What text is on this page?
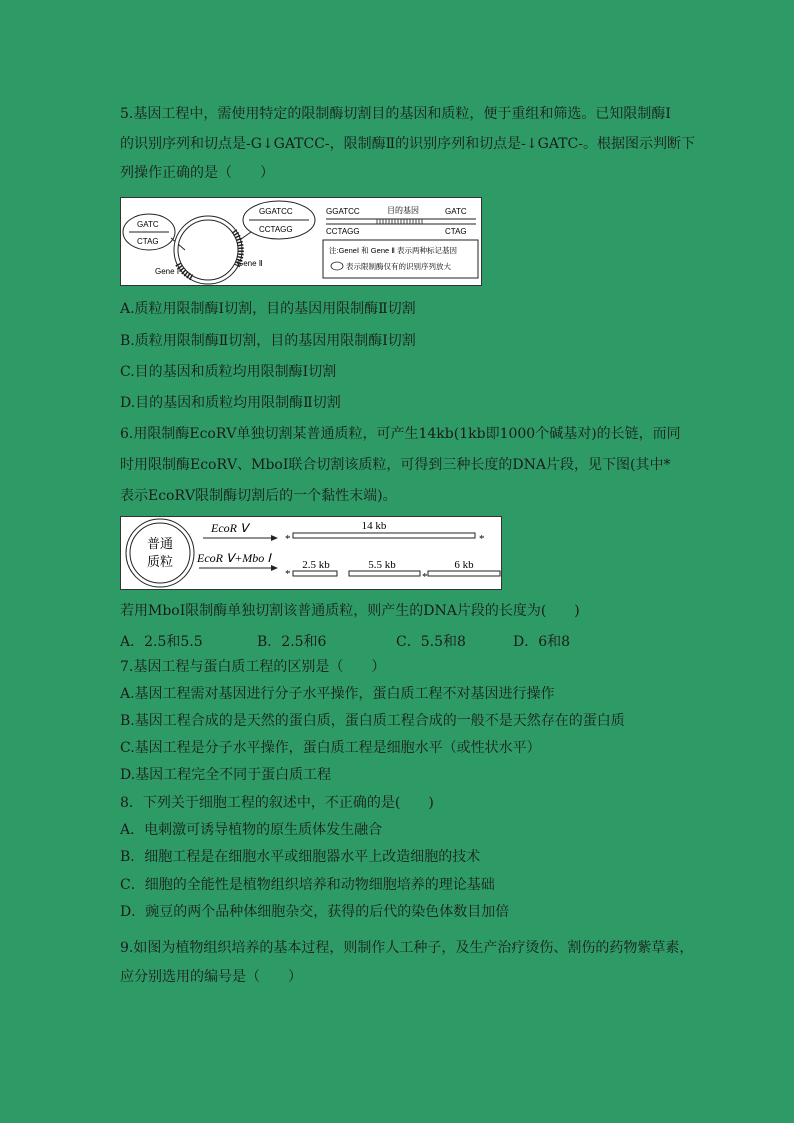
5.基因工程中，需使用特定的限制酶切割目的基因和质粒，便于重组和筛选。已知限制酶Ⅰ
的识别序列和切点是-G↓GATCC-，限制酶Ⅱ的识别序列和切点是-↓GATC-。根据图示判断下
列操作正确的是（　　）
GATC
CTAG
GGATCC
CCTAGG
Gene Ⅰ
Gene Ⅱ
GGATCC	目的基因	GATC
CCTAGG	CTAG
注:GeneⅠ 和 Gene Ⅱ 表示两种标记基因
表示限制酶仅有的识别序列放大
A.质粒用限制酶Ⅰ切割，目的基因用限制酶Ⅱ切割
B.质粒用限制酶Ⅱ切割，目的基因用限制酶Ⅰ切割
C.目的基因和质粒均用限制酶Ⅰ切割
D.目的基因和质粒均用限制酶Ⅱ切割
6.用限制酶EcoRⅤ单独切割某普通质粒，可产生14kb(1kb即1000个碱基对)的长链，而同
时用限制酶EcoRⅤ、MboⅠ联合切割该质粒，可得到三种长度的DNA片段，见下图(其中*
表示EcoRⅤ限制酶切割后的一个黏性末端)。
普通
质粒
EcoR Ⅴ
EcoR Ⅴ+Mbo Ⅰ
*
14 kb
*
*
2.5 kb	5.5 kb
*
6 kb
若用MboⅠ限制酶单独切割该普通质粒，则产生的DNA片段的长度为(　　)
A．2.5和5.5	B．2.5和6	C．5.5和8	D．6和8
7.基因工程与蛋白质工程的区别是（　　）
A.基因工程需对基因进行分子水平操作，蛋白质工程不对基因进行操作
B.基因工程合成的是天然的蛋白质，蛋白质工程合成的一般不是天然存在的蛋白质
C.基因工程是分子水平操作，蛋白质工程是细胞水平（或性状水平）
D.基因工程完全不同于蛋白质工程
8．下列关于细胞工程的叙述中，不正确的是(　　)
A．电刺激可诱导植物的原生质体发生融合
B．细胞工程是在细胞水平或细胞器水平上改造细胞的技术
C．细胞的全能性是植物组织培养和动物细胞培养的理论基础
D．豌豆的两个品种体细胞杂交，获得的后代的染色体数目加倍
9.如图为植物组织培养的基本过程，则制作人工种子，及生产治疗烫伤、割伤的药物紫草素，
应分别选用的编号是（　　）
